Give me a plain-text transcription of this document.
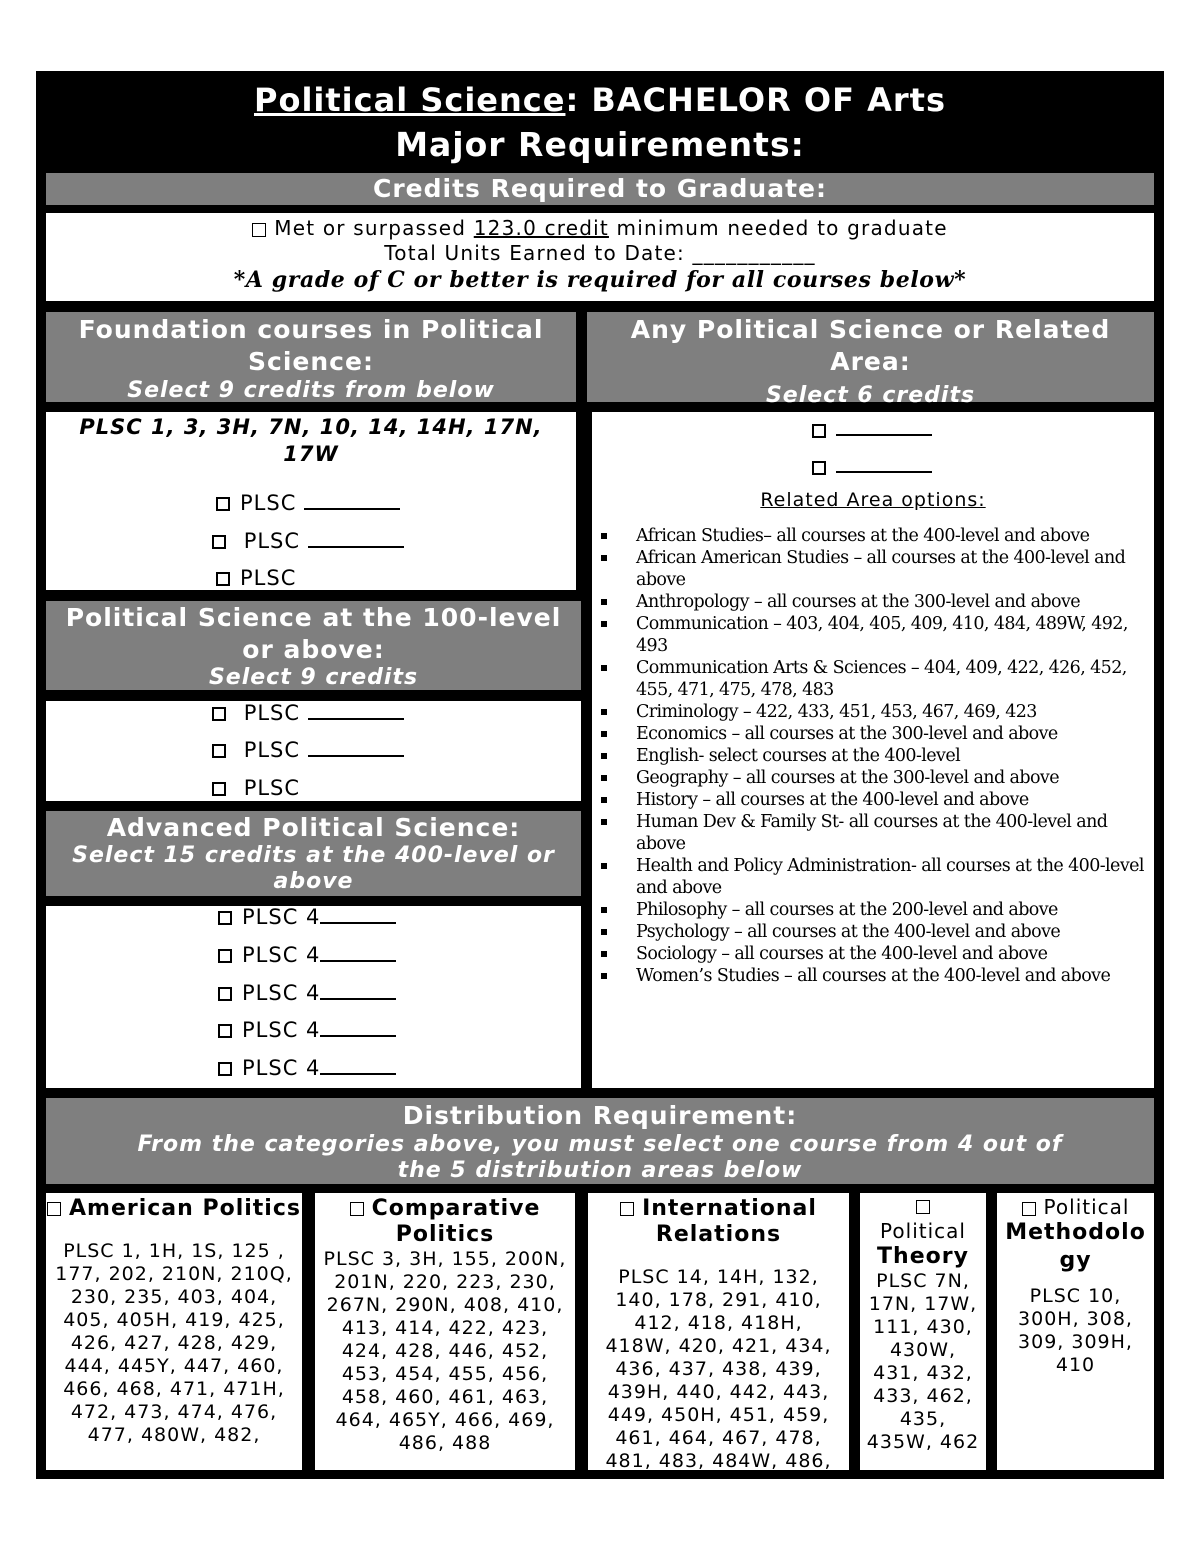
Political Science: BACHELOR OF Arts
Major Requirements:
Credits Required to Graduate:
Met or surpassed 123.0 credit minimum needed to graduate
Total Units Earned to Date: ___________
*A grade of C or better is required for all courses below*
Foundation courses in Political Science:
Select 9 credits from below
PLSC 1, 3, 3H, 7N, 10, 14, 14H, 17N, 17W
PLSC
PLSC
PLSC
Political Science at the 100-level or above:
Select 9 credits
PLSC
PLSC
PLSC
Advanced Political Science:
Select 15 credits at the 400-level or above
PLSC 4
PLSC 4
PLSC 4
PLSC 4
PLSC 4
Any Political Science or Related Area:
Select 6 credits
Related Area options:
African Studies– all courses at the 400-level and above
African American Studies – all courses at the 400-level and above
Anthropology – all courses at the 300-level and above
Communication – 403, 404, 405, 409, 410, 484, 489W, 492, 493
Communication Arts & Sciences – 404, 409, 422, 426, 452, 455, 471, 475, 478, 483
Criminology – 422, 433, 451, 453, 467, 469, 423
Economics – all courses at the 300-level and above
English- select courses at the 400-level
Geography – all courses at the 300-level and above
History – all courses at the 400-level and above
Human Dev & Family St- all courses at the 400-level and above
Health and Policy Administration- all courses at the 400-level and above
Philosophy – all courses at the 200-level and above
Psychology – all courses at the 400-level and above
Sociology – all courses at the 400-level and above
Women’s Studies – all courses at the 400-level and above
Distribution Requirement:
From the categories above, you must select one course from 4 out of the 5 distribution areas below
American Politics
PLSC 1, 1H, 1S, 125 , 177, 202, 210N, 210Q, 230, 235, 403, 404, 405, 405H, 419, 425, 426, 427, 428, 429, 444, 445Y, 447, 460, 466, 468, 471, 471H, 472, 473, 474, 476, 477, 480W, 482,
Comparative Politics
PLSC 3, 3H, 155, 200N, 201N, 220, 223, 230, 267N, 290N, 408, 410, 413, 414, 422, 423, 424, 428, 446, 452, 453, 454, 455, 456, 458, 460, 461, 463, 464, 465Y, 466, 469, 486, 488
International Relations
PLSC 14, 14H, 132, 140, 178, 291, 410, 412, 418, 418H, 418W, 420, 421, 434, 436, 437, 438, 439, 439H, 440, 442, 443, 449, 450H, 451, 459, 461, 464, 467, 478, 481, 483, 484W, 486,
Political
Theory
PLSC 7N, 17N, 17W, 111, 430, 430W, 431, 432, 433, 462, 435, 435W, 462
Political
Methodology
PLSC 10, 300H, 308, 309, 309H, 410
